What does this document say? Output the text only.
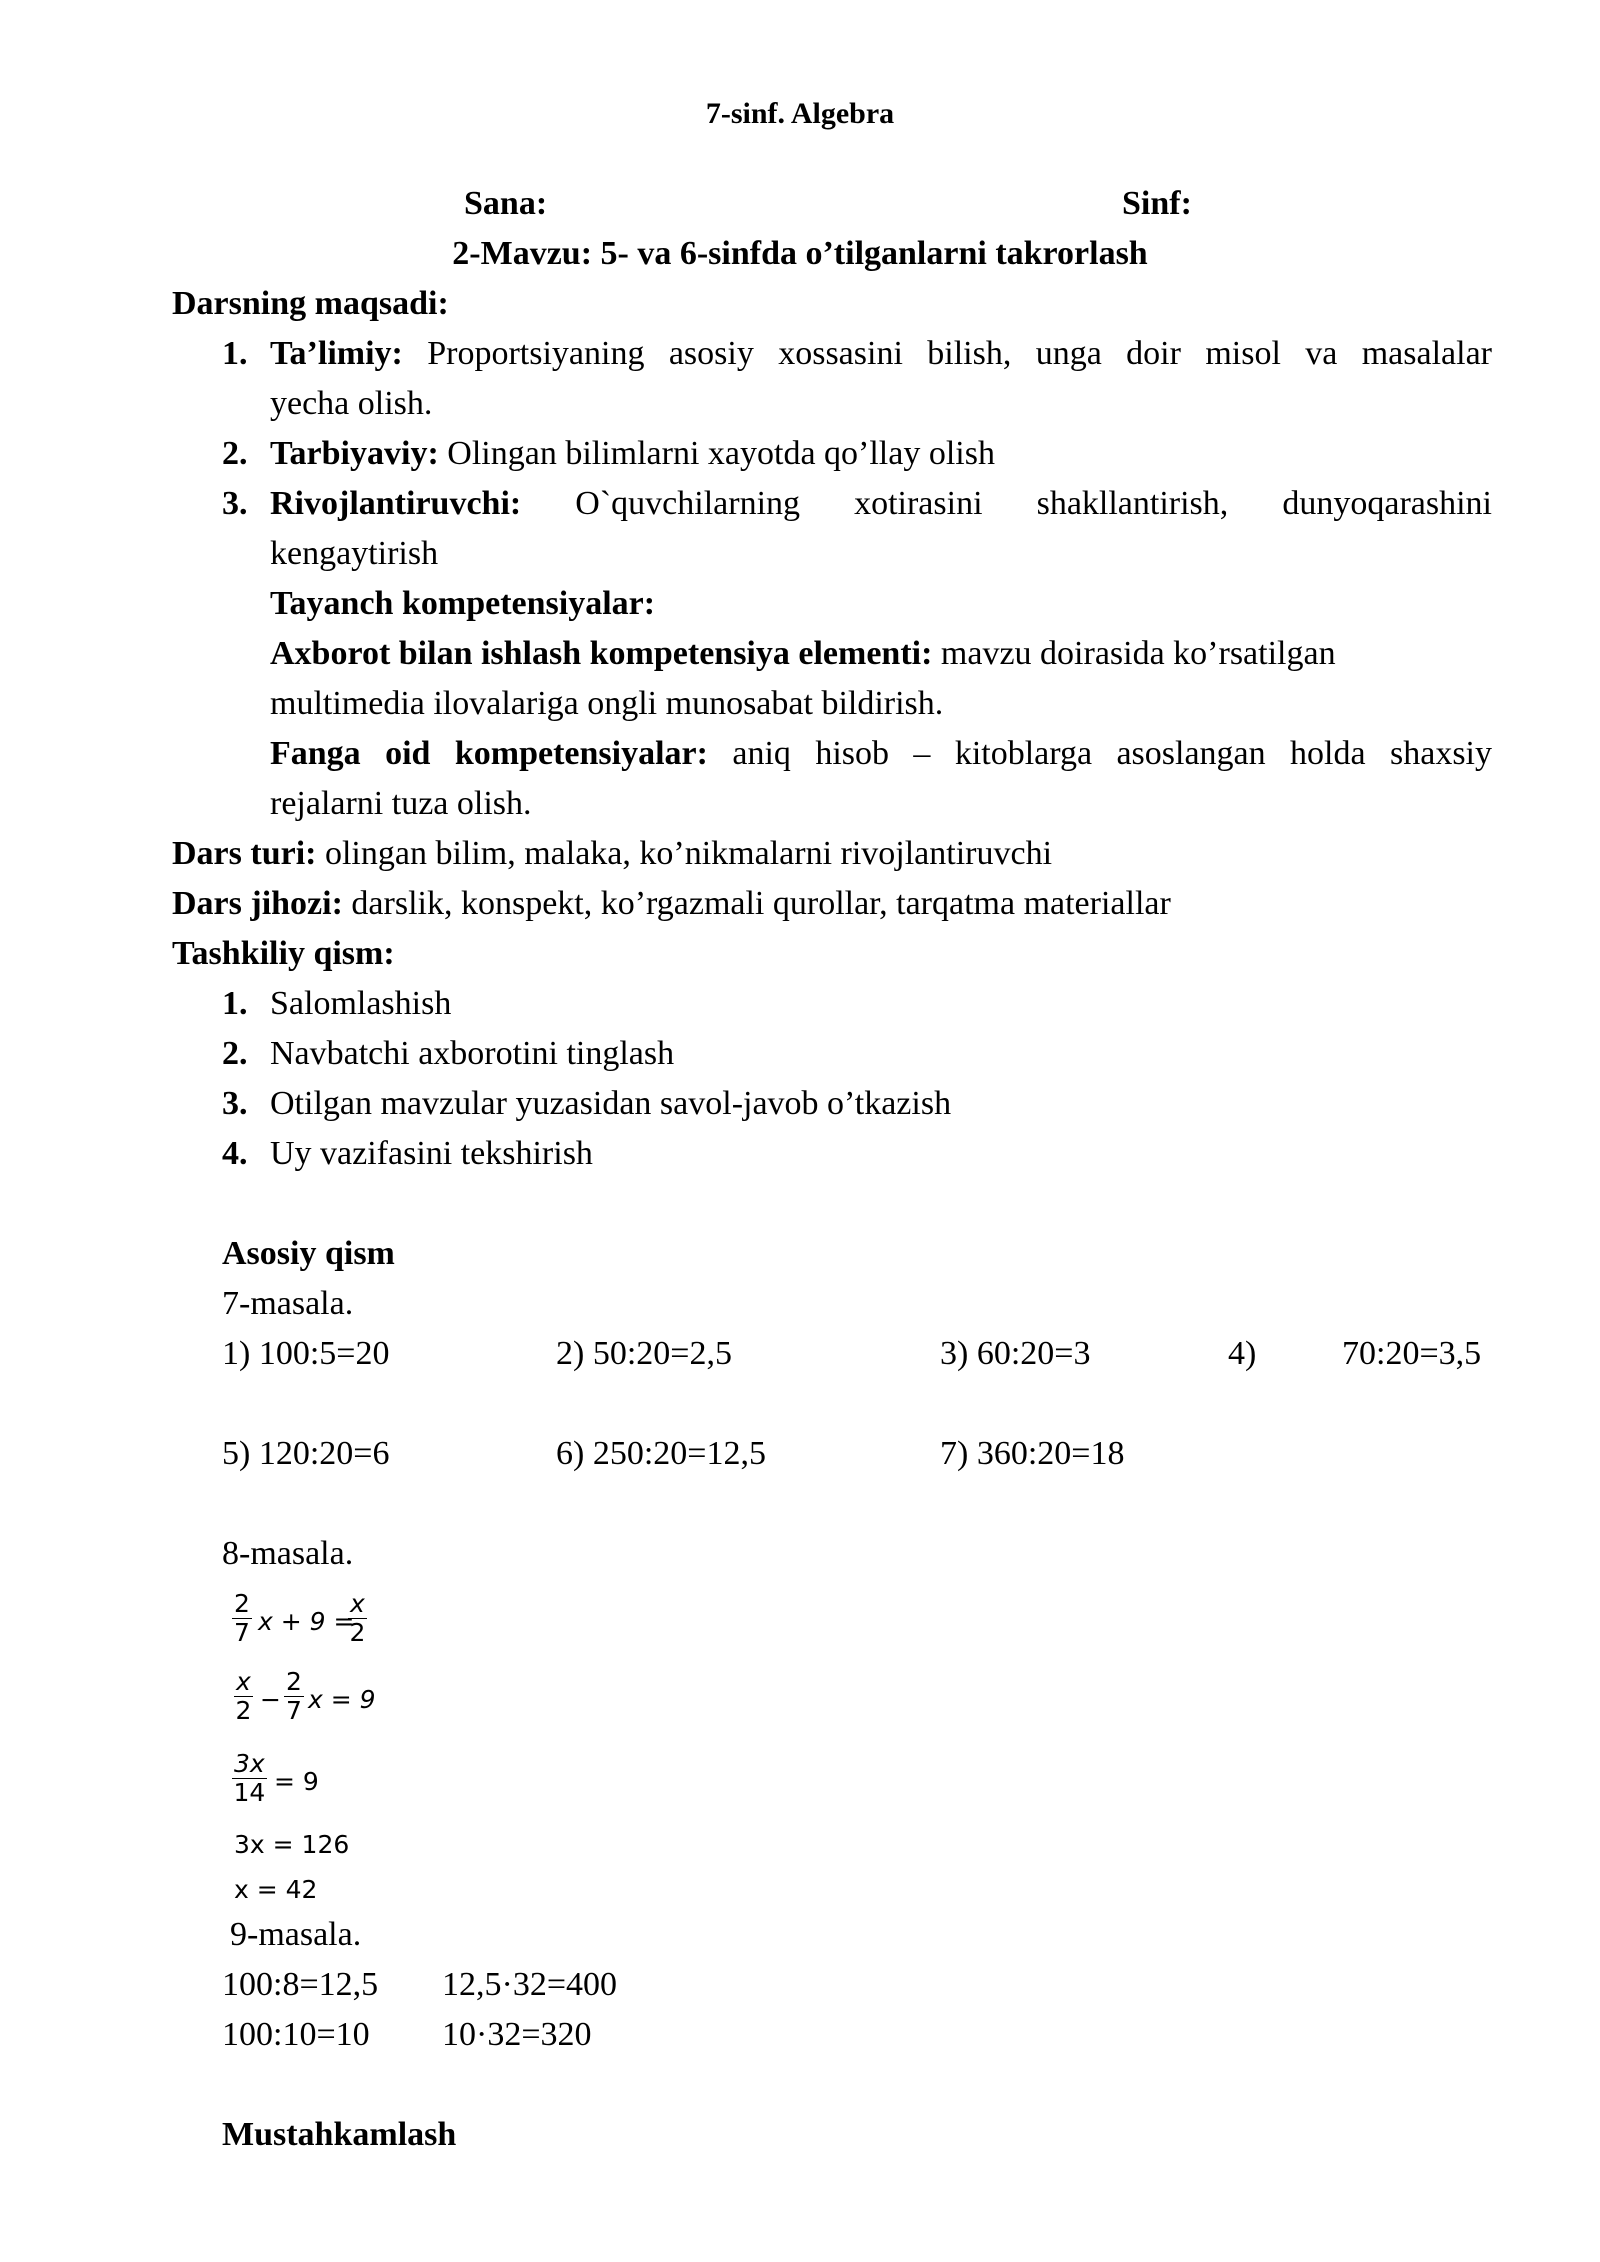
7-sinf. Algebra
Sana:	Sinf:
2-Mavzu: 5- va 6-sinfda o’tilganlarni takrorlash
Darsning maqsadi:
1. Ta’limiy: Proportsiyaning asosiy xossasini bilish, unga doir misol va masalalar
yecha olish.
2. Tarbiyaviy: Olingan bilimlarni xayotda qo’llay olish
3. Rivojlantiruvchi: O`quvchilarning xotirasini shakllantirish, dunyoqarashini
kengaytirish
Tayanch kompetensiyalar:
Axborot bilan ishlash kompetensiya elementi: mavzu doirasida ko’rsatilgan
multimedia ilovalariga ongli munosabat bildirish.
Fanga oid kompetensiyalar: aniq hisob – kitoblarga asoslangan holda shaxsiy
rejalarni tuza olish.
Dars turi: olingan bilim, malaka, ko’nikmalarni rivojlantiruvchi
Dars jihozi: darslik, konspekt, ko’rgazmali qurollar, tarqatma materiallar
Tashkiliy qism:
1. Salomlashish
2. Navbatchi axborotini tinglash
3. Otilgan mavzular yuzasidan savol-javob o’tkazish
4. Uy vazifasini tekshirish
Asosiy qism
7-masala.
1) 100:5=20	2) 50:20=2,5	3) 60:20=3	4)	70:20=3,5
5) 120:20=6	6) 250:20=12,5	7) 360:20=18
8-masala.
$\frac{2}{7}$ x + 9 =
$\frac{x}{2}$
$\frac{x}{2} - \frac{2}{7}$ x = 9
$\frac{3x}{14} = 9$
3x = 126
x = 42
9-masala.
100:8=12,5 12,5·32=400
100:10=10 10·32=320
Mustahkamlash
